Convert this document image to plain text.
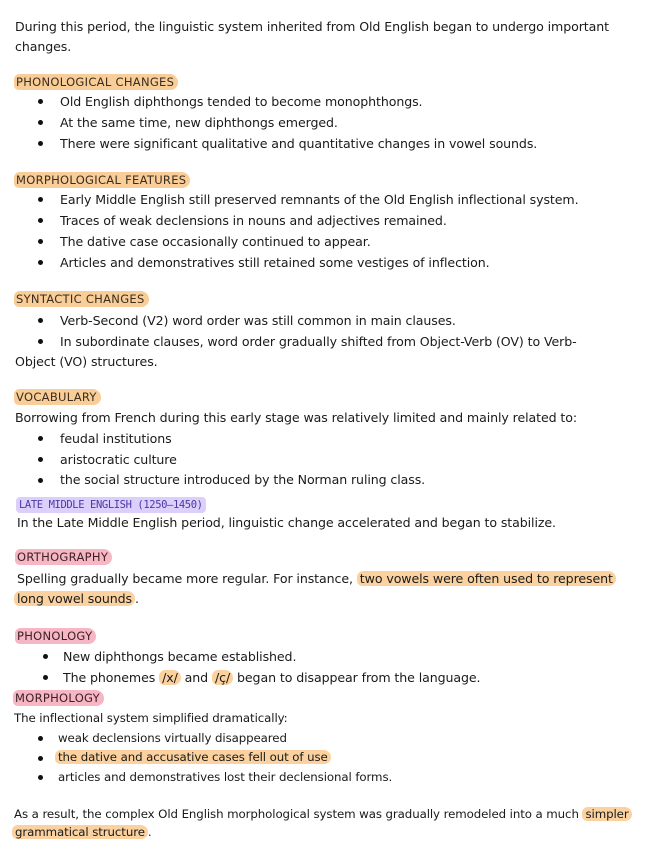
During this period, the linguistic system inherited from Old English began to undergo important
changes.
PHONOLOGICAL CHANGES
Old English diphthongs tended to become monophthongs.
At the same time, new diphthongs emerged.
There were significant qualitative and quantitative changes in vowel sounds.
MORPHOLOGICAL FEATURES
Early Middle English still preserved remnants of the Old English inflectional system.
Traces of weak declensions in nouns and adjectives remained.
The dative case occasionally continued to appear.
Articles and demonstratives still retained some vestiges of inflection.
SYNTACTIC CHANGES
Verb-Second (V2) word order was still common in main clauses.
In subordinate clauses, word order gradually shifted from Object-Verb (OV) to Verb-
Object (VO) structures.
VOCABULARY
Borrowing from French during this early stage was relatively limited and mainly related to:
feudal institutions
aristocratic culture
the social structure introduced by the Norman ruling class.
LATE MIDDLE ENGLISH (1250–1450)
In the Late Middle English period, linguistic change accelerated and began to stabilize.
ORTHOGRAPHY
Spelling gradually became more regular. For instance, two vowels were often used to represent
long vowel sounds .
PHONOLOGY
New diphthongs became established.
The phonemes /x/ and /ç/ began to disappear from the language.
MORPHOLOGY
The inflectional system simplified dramatically:
weak declensions virtually disappeared
the dative and accusative cases fell out of use
articles and demonstratives lost their declensional forms.
As a result, the complex Old English morphological system was gradually remodeled into a much simpler
grammatical structure .
